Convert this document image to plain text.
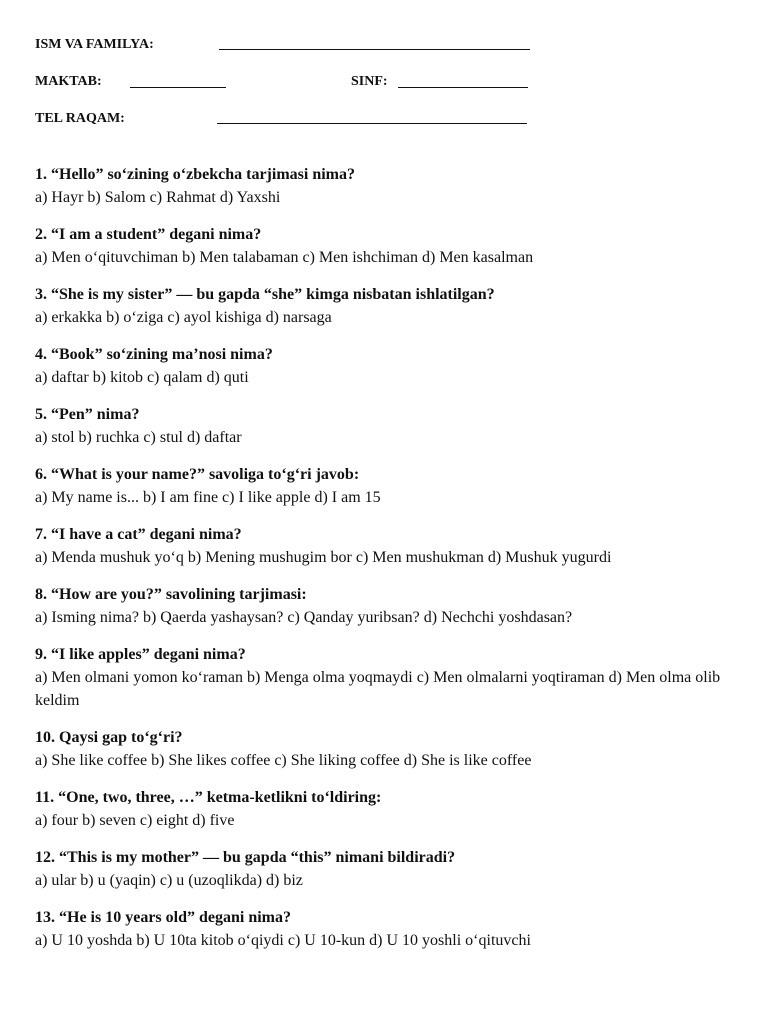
ISM VA FAMILYA:
MAKTAB:	SINF:
TEL RAQAM:
1. “Hello” so‘zining o‘zbekcha tarjimasi nima?
a) Hayr b) Salom c) Rahmat d) Yaxshi
2. “I am a student” degani nima?
a) Men o‘qituvchiman b) Men talabaman c) Men ishchiman d) Men kasalman
3. “She is my sister” — bu gapda “she” kimga nisbatan ishlatilgan?
a) erkakka b) o‘ziga c) ayol kishiga d) narsaga
4. “Book” so‘zining ma’nosi nima?
a) daftar b) kitob c) qalam d) quti
5. “Pen” nima?
a) stol b) ruchka c) stul d) daftar
6. “What is your name?” savoliga to‘g‘ri javob:
a) My name is... b) I am fine c) I like apple d) I am 15
7. “I have a cat” degani nima?
a) Menda mushuk yo‘q b) Mening mushugim bor c) Men mushukman d) Mushuk yugurdi
8. “How are you?” savolining tarjimasi:
a) Isming nima? b) Qaerda yashaysan? c) Qanday yuribsan? d) Nechchi yoshdasan?
9. “I like apples” degani nima?
a) Men olmani yomon ko‘raman b) Menga olma yoqmaydi c) Men olmalarni yoqtiraman d) Men olma olib keldim
10. Qaysi gap to‘g‘ri?
a) She like coffee b) She likes coffee c) She liking coffee d) She is like coffee
11. “One, two, three, …” ketma-ketlikni to‘ldiring:
a) four b) seven c) eight d) five
12. “This is my mother” — bu gapda “this” nimani bildiradi?
a) ular b) u (yaqin) c) u (uzoqlikda) d) biz
13. “He is 10 years old” degani nima?
a) U 10 yoshda b) U 10ta kitob o‘qiydi c) U 10-kun d) U 10 yoshli o‘qituvchi
